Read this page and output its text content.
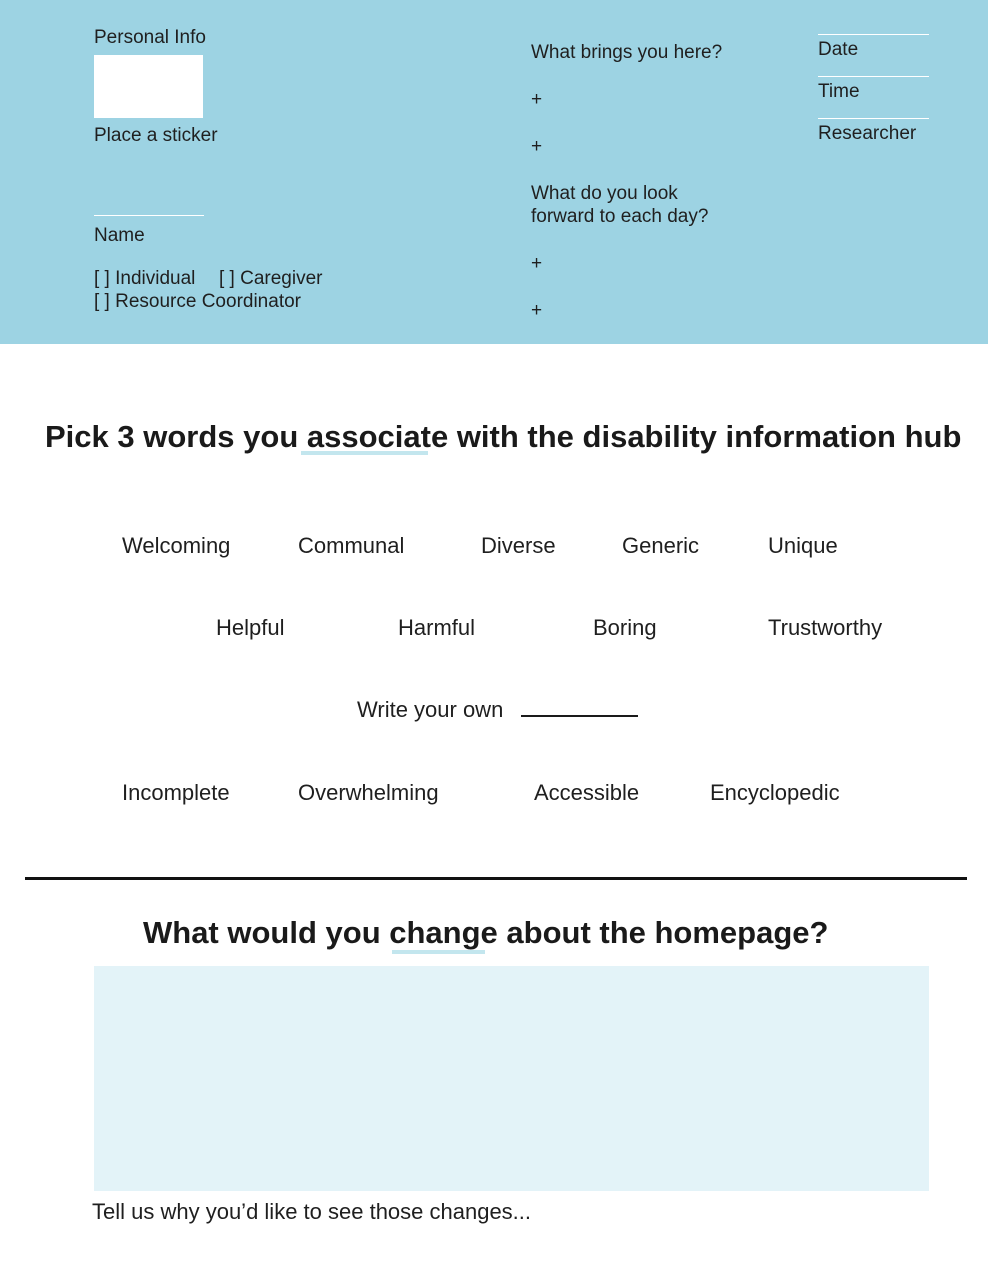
Personal Info
Place a sticker
Name
[ ] Individual [ ] Caregiver
[ ] Resource Coordinator
What brings you here?
+
+
What do you look
forward to each day?
+
+
Date
Time
Researcher
Pick 3 words you associate with the disability information hub
Welcoming	Communal	Diverse	Generic	Unique
Helpful	Harmful	Boring	Trustworthy
Write your own
Incomplete	Overwhelming	Accessible	Encyclopedic
What would you change about the homepage?
Tell us why you’d like to see those changes...
